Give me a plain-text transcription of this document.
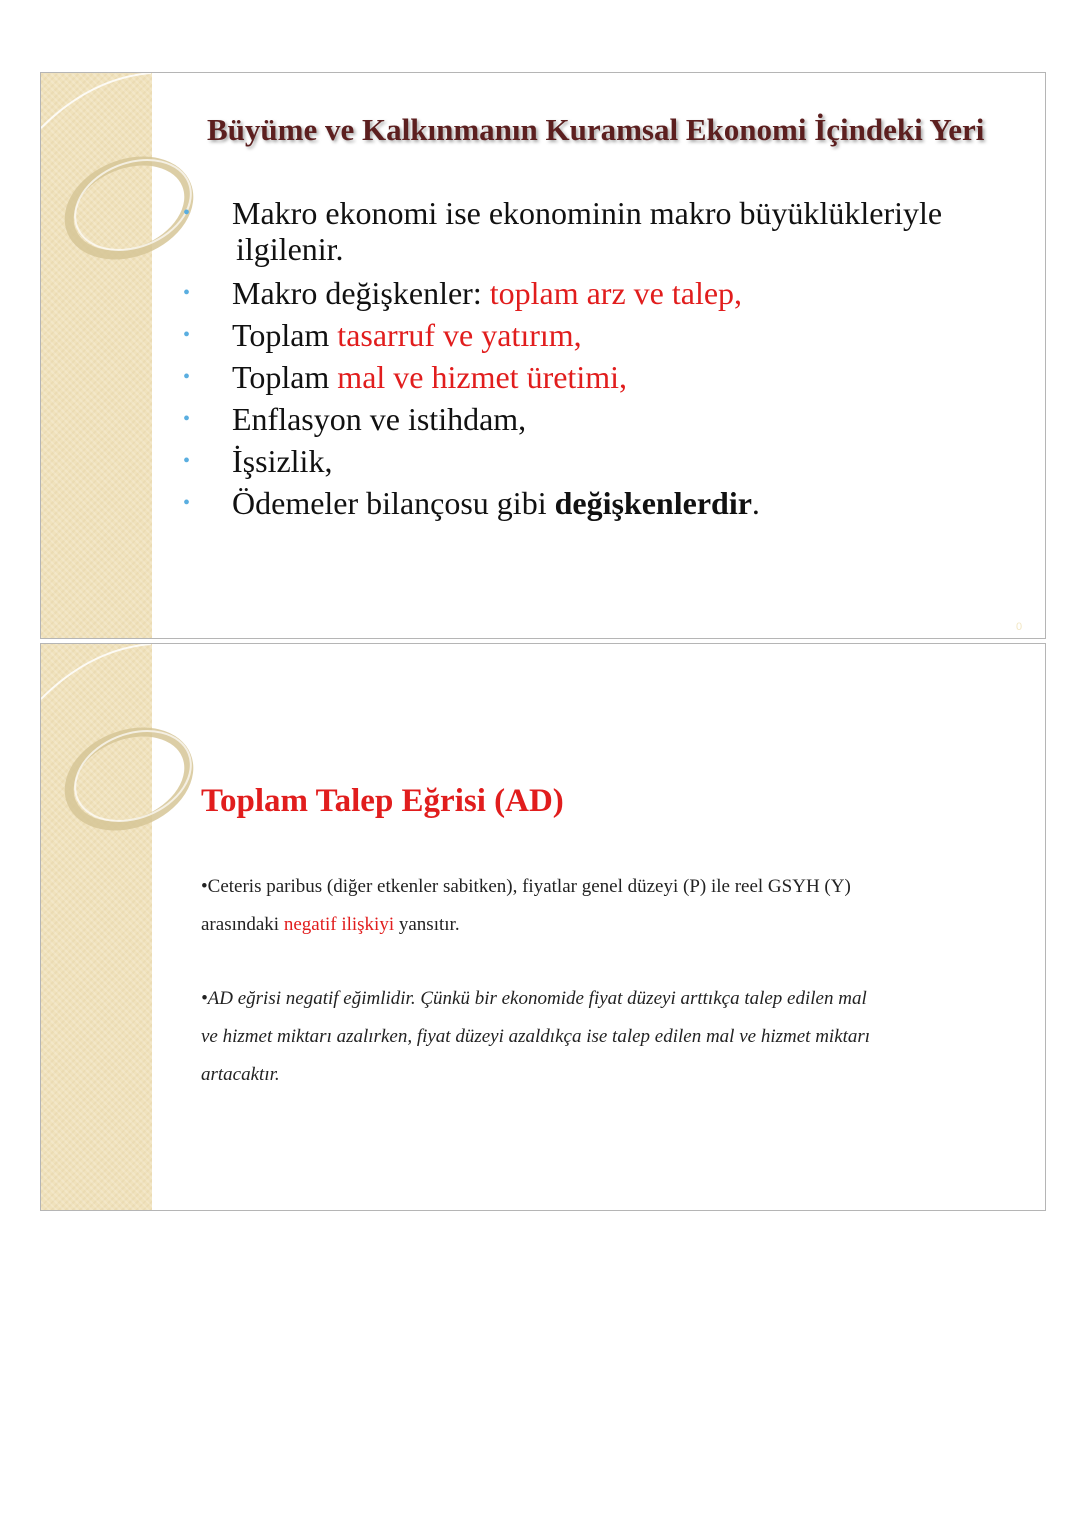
Büyüme ve Kalkınmanın Kuramsal Ekonomi İçindeki Yeri
• Makro ekonomi ise ekonominin makro büyüklükleriyle
ilgilenir.
• Makro değişkenler: toplam arz ve talep,
• Toplam tasarruf ve yatırım,
• Toplam mal ve hizmet üretimi,
• Enflasyon ve istihdam,
• İşsizlik,
• Ödemeler bilançosu gibi değişkenlerdir.
0
Toplam Talep Eğrisi (AD)
•Ceteris paribus (diğer etkenler sabitken), fiyatlar genel düzeyi (P) ile reel GSYH (Y)
arasındaki negatif ilişkiyi yansıtır.
•AD eğrisi negatif eğimlidir. Çünkü bir ekonomide fiyat düzeyi arttıkça talep edilen mal
ve hizmet miktarı azalırken, fiyat düzeyi azaldıkça ise talep edilen mal ve hizmet miktarı
artacaktır.
